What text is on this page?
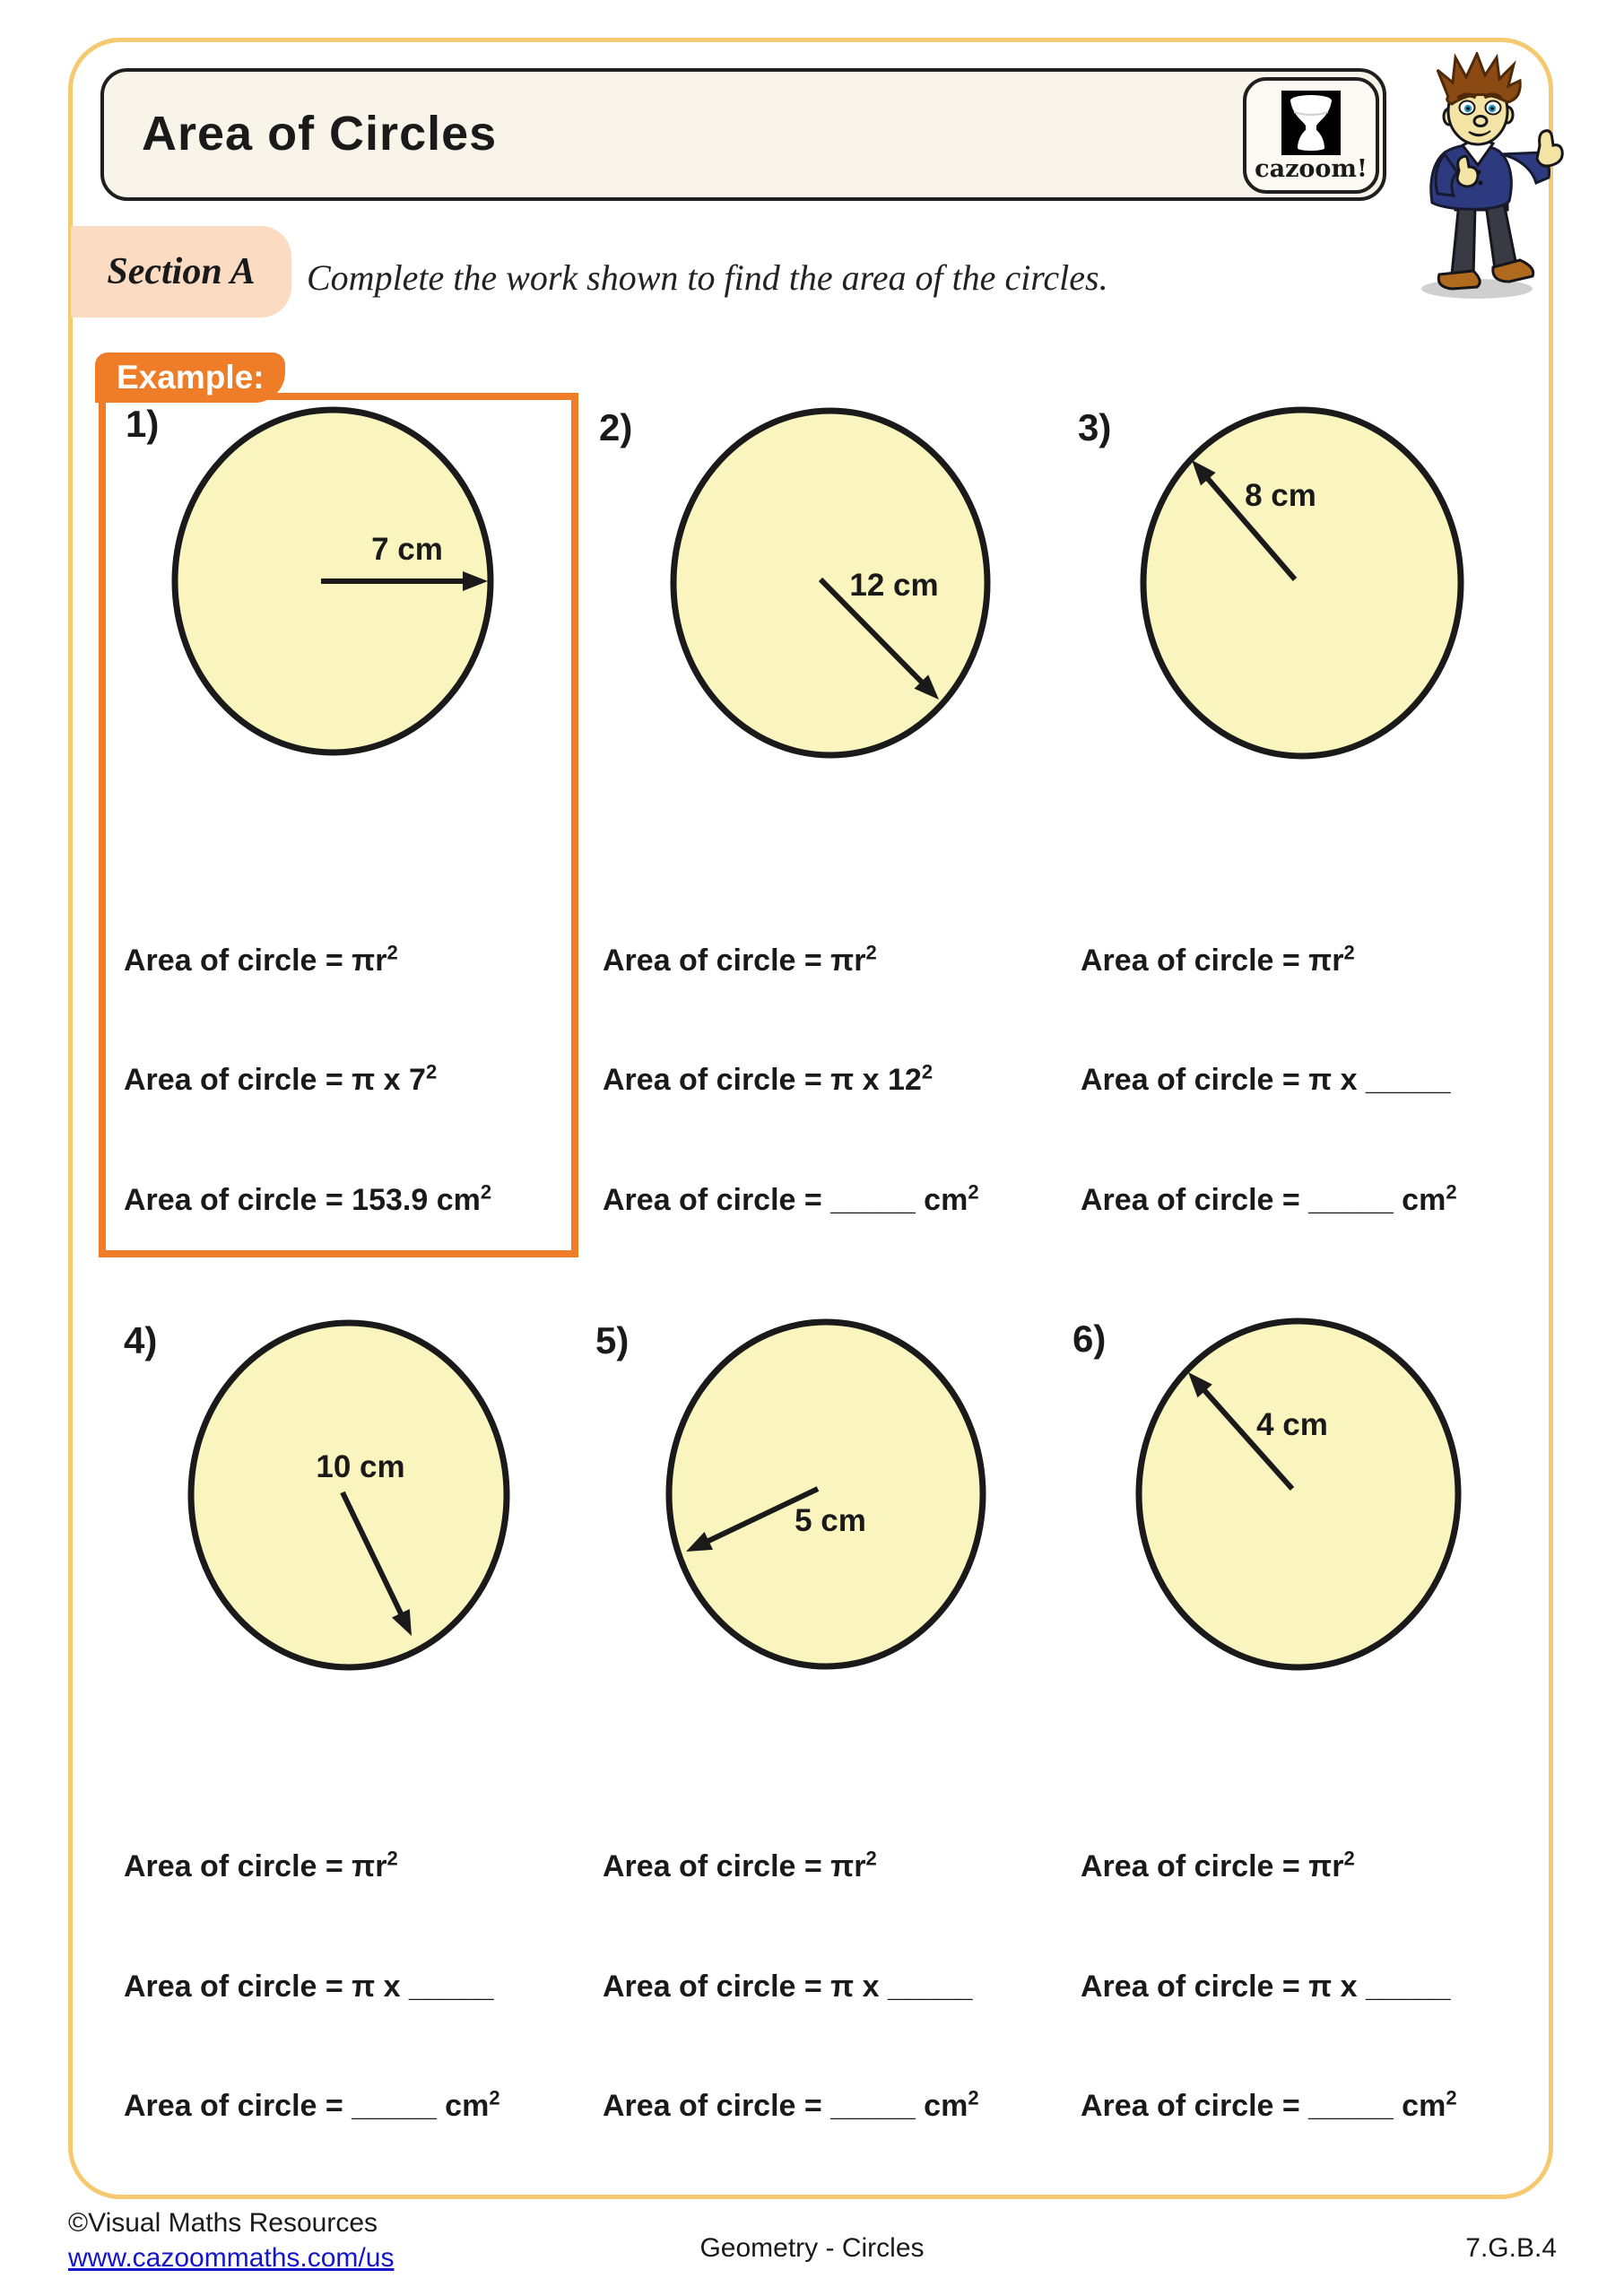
Area of Circles
cazoom!
Section A Complete the work shown to find the area of the circles.
Example:
1)
7 cm
Area of circle = $\pi r^2$
Area of circle = π x $7^2$
Area of circle = 153.9 $cm^2$
2)
12 cm
Area of circle = $\pi r^2$
Area of circle = π x $12^2$
Area of circle = _____ $cm^2$
3)
8 cm
Area of circle = $\pi r^2$
Area of circle = π x _____
Area of circle = _____ $cm^2$
4)
10 cm
Area of circle = $\pi r^2$
Area of circle = π x _____
Area of circle = _____ $cm^2$
5)
5 cm
Area of circle = $\pi r^2$
Area of circle = π x _____
Area of circle = _____ $cm^2$
6)
4 cm
Area of circle = $\pi r^2$
Area of circle = π x _____
Area of circle = _____ $cm^2$
©Visual Maths Resources
www.cazoommaths.com/us	Geometry - Circles	7.G.B.4
